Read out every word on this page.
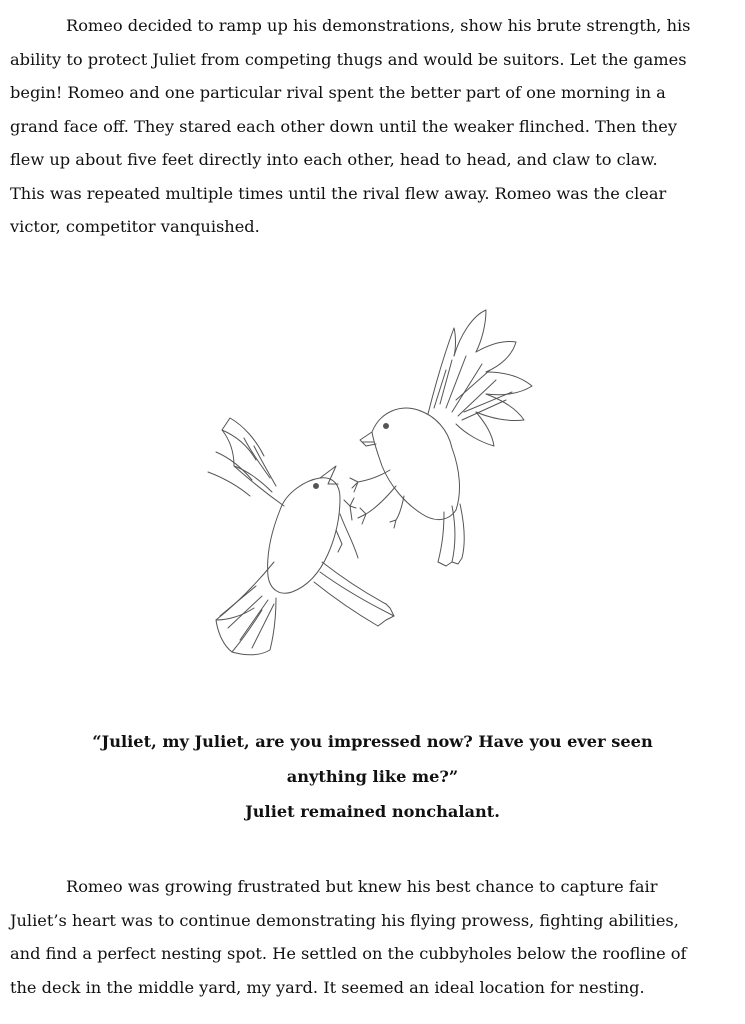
Romeo decided to ramp up his demonstrations, show his brute strength, his
ability to protect Juliet from competing thugs and would be suitors. Let the games
begin! Romeo and one particular rival spent the better part of one morning in a
grand face off. They stared each other down until the weaker flinched. Then they
flew up about five feet directly into each other, head to head, and claw to claw.
This was repeated multiple times until the rival flew away. Romeo was the clear
victor, competitor vanquished.

“Juliet, my Juliet, are you impressed now? Have you ever seen
anything like me?”
Juliet remained nonchalant.

Romeo was growing frustrated but knew his best chance to capture fair
Juliet’s heart was to continue demonstrating his flying prowess, fighting abilities,
and find a perfect nesting spot. He settled on the cubbyholes below the roofline of
the deck in the middle yard, my yard. It seemed an ideal location for nesting.
